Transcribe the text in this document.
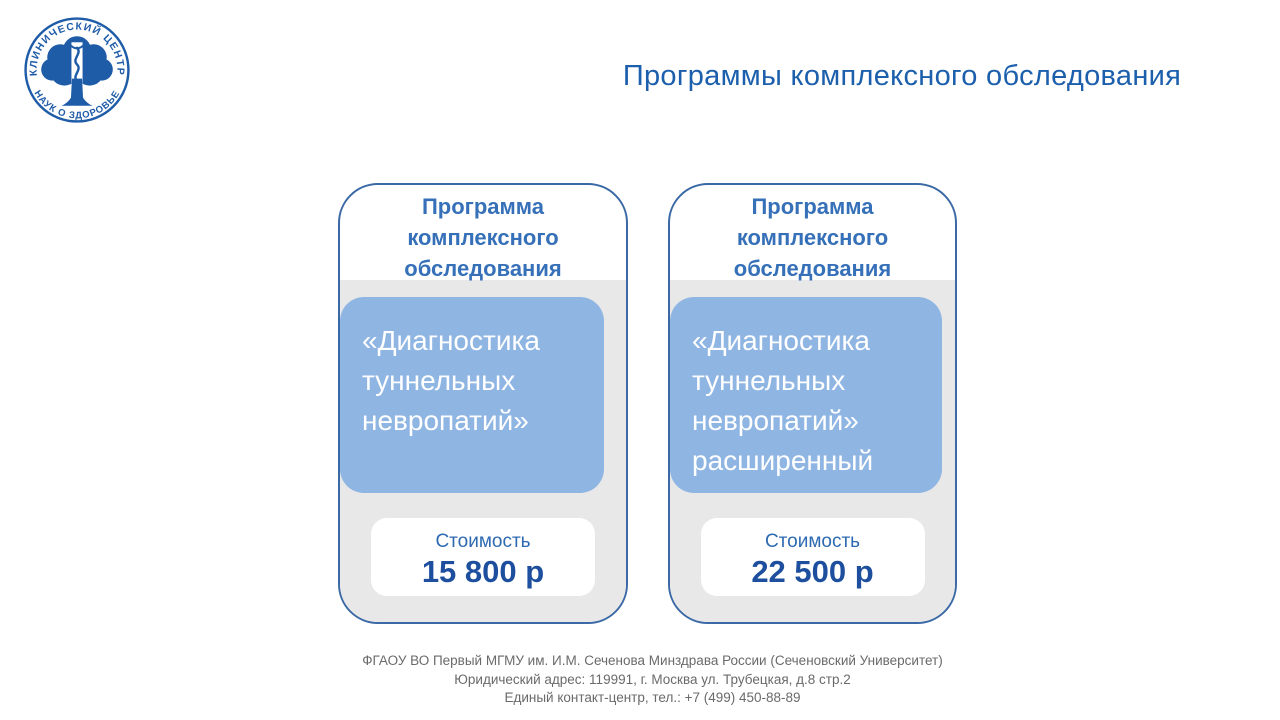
КЛИНИЧЕСКИЙ ЦЕНТР
НАУК О ЗДОРОВЬЕ
Программы комплексного обследования
Программа комплексного обследования
«Диагностика туннельных невропатий»
Стоимость
15 800 р
Программа комплексного обследования
«Диагностика туннельных невропатий» расширенный
Стоимость
22 500 р
ФГАОУ ВО Первый МГМУ им. И.М. Сеченова Минздрава России (Сеченовский Университет)
Юридический адрес: 119991, г. Москва ул. Трубецкая, д.8 стр.2
Единый контакт-центр, тел.: +7 (499) 450-88-89
